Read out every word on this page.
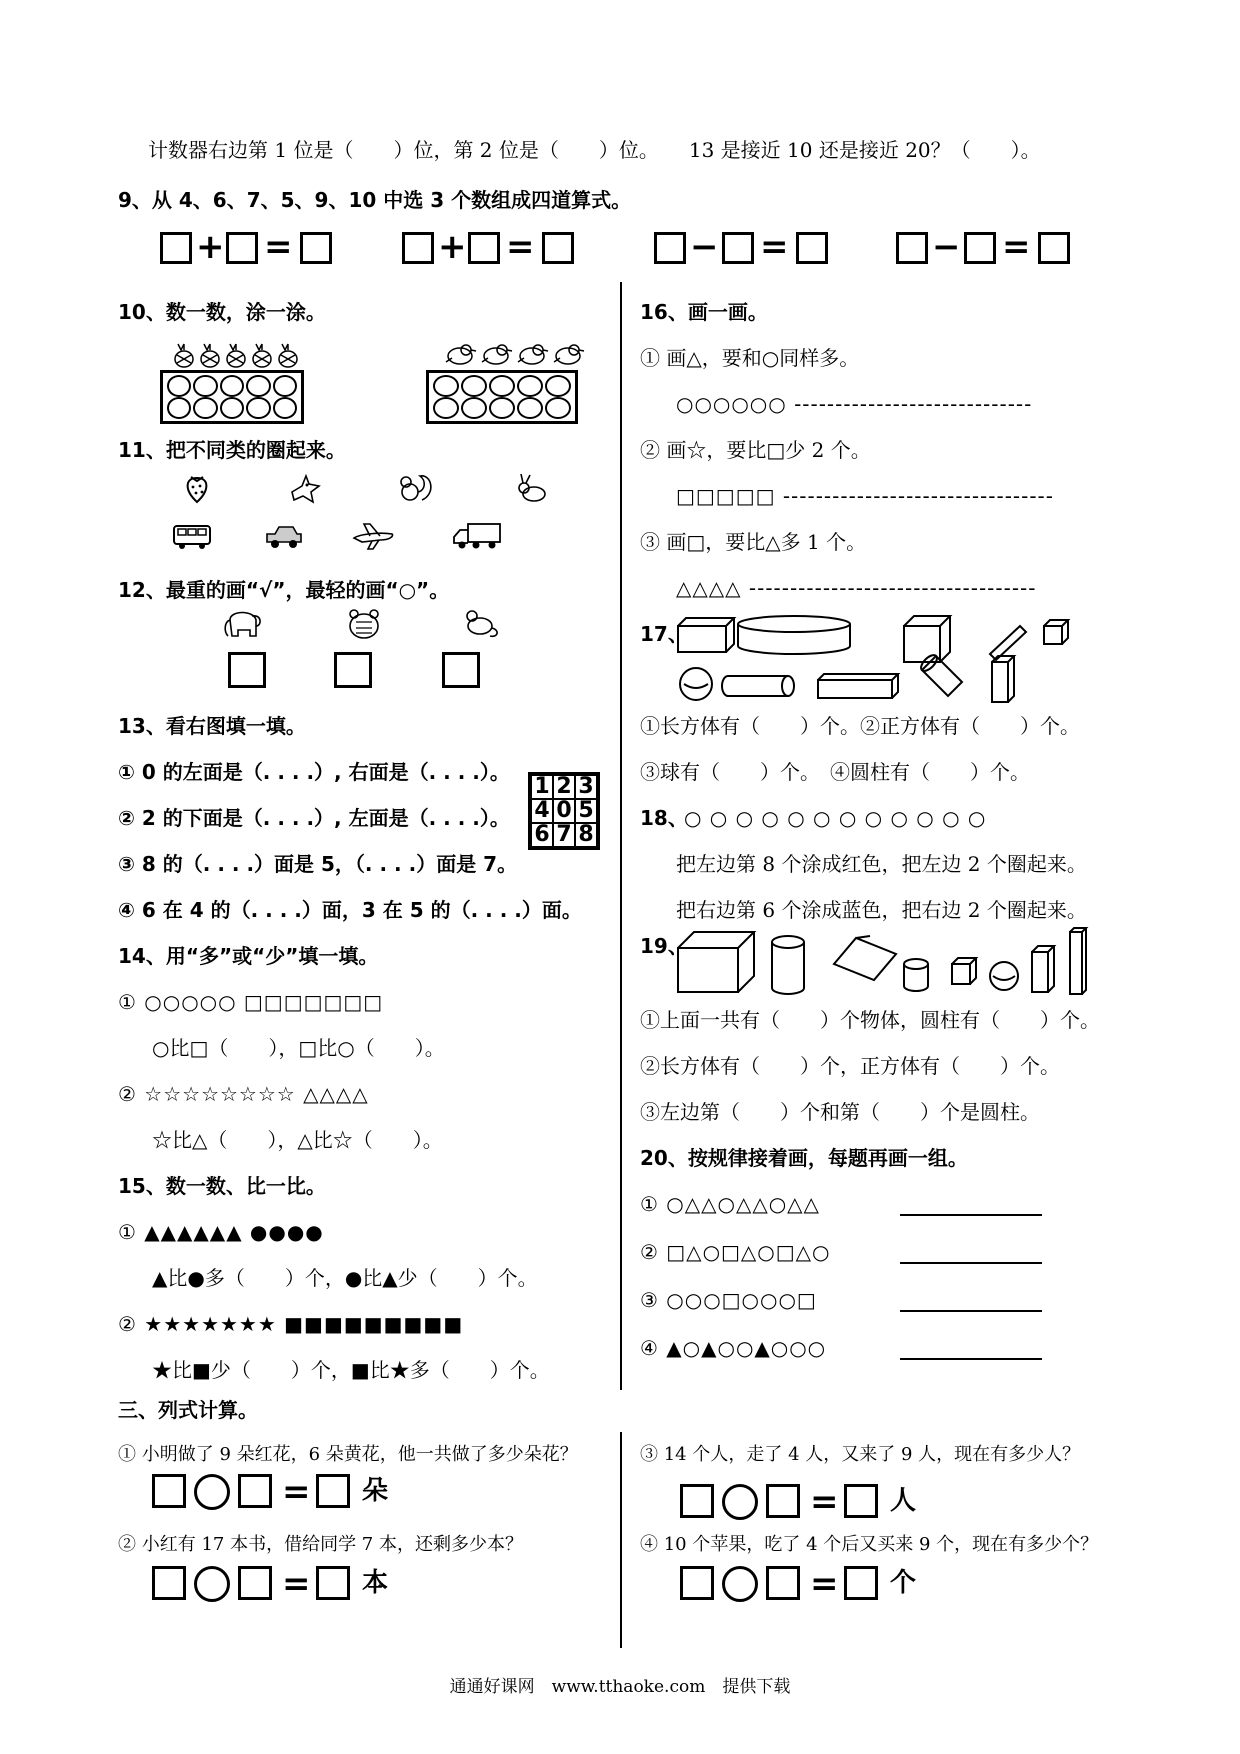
计数器右边第 1 位是（　　）位，第 2 位是（　　）位。　　13 是接近 10 还是接近 20？（　　）。
9、从 4、6、7、5、9、10 中选 3 个数组成四道算式。
+ =	+ =	− =	− =
10、数一数，涂一涂。
11、把不同类的圈起来。
12、最重的画“√”，最轻的画“○”。
13、看右图填一填。
① 0 的左面是（. . . .）, 右面是（. . . .）。
② 2 的下面是（. . . .）, 左面是（. . . .）。
③ 8 的（. . . .）面是 5，（. . . .）面是 7。
④ 6 在 4 的（. . . .）面，3 在 5 的（. . . .）面。
1 2 3
4 0 5
6 7 8
14、用“多”或“少”填一填。
① ○○○○○ □□□□□□□
○比□（　　），□比○（　　）。
② ☆☆☆☆☆☆☆☆ △△△△
☆比△（　　），△比☆（　　）。
15、数一数、比一比。
① ▲▲▲▲▲▲ ●●●●
▲比●多（　　）个，●比▲少（　　）个。
② ★★★★★★★ ■■■■■■■■■
★比■少（　　）个，■比★多（　　）个。
16、画一画。
① 画△，要和○同样多。
○○○○○○ -----------------------------
② 画☆，要比□少 2 个。
□□□□□ ---------------------------------
③ 画□，要比△多 1 个。
△△△△ -----------------------------------
17、
①长方体有（　　）个。②正方体有（　　）个。
③球有（　　）个。　④圆柱有（　　）个。
18、
○ ○ ○ ○ ○ ○ ○ ○ ○ ○ ○ ○
把左边第 8 个涂成红色，把左边 2 个圈起来。
把右边第 6 个涂成蓝色，把右边 2 个圈起来。
19、
①上面一共有（　　）个物体，圆柱有（　　）个。
②长方体有（　　）个，正方体有（　　）个。
③左边第（　　）个和第（　　）个是圆柱。
20、按规律接着画，每题再画一组。
① ○△△○△△○△△
② □△○□△○□△○
③ ○○○□○○○□
④ ▲○▲○○▲○○○
三、列式计算。
① 小明做了 9 朵红花，6 朵黄花，他一共做了多少朵花？
= 朵
② 小红有 17 本书，借给同学 7 本，还剩多少本？
= 本
③ 14 个人，走了 4 人，又来了 9 人，现在有多少人？
= 人
④ 10 个苹果，吃了 4 个后又买来 9 个，现在有多少个？
= 个
通通好课网　www.tthaoke.com　提供下载
